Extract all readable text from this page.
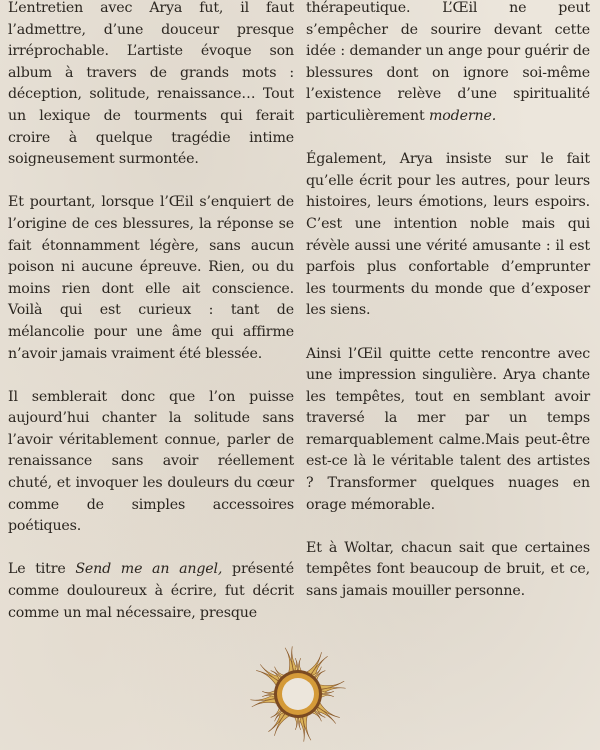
L’entretien avec Arya fut, il faut l’admettre, d’une douceur presque irréprochable. L’artiste évoque son album à travers de grands mots : déception, solitude, renaissance… Tout un lexique de tourments qui ferait croire à quelque tragédie intime soigneusement surmontée.

Et pourtant, lorsque l’Œil s’enquiert de l’origine de ces blessures, la réponse se fait étonnamment légère, sans aucun poison ni aucune épreuve. Rien, ou du moins rien dont elle ait conscience. Voilà qui est curieux : tant de mélancolie pour une âme qui affirme n’avoir jamais vraiment été blessée.

Il semblerait donc que l’on puisse aujourd’hui chanter la solitude sans l’avoir véritablement connue, parler de renaissance sans avoir réellement chuté, et invoquer les douleurs du cœur comme de simples accessoires poétiques.

Le titre Send me an angel, présenté comme douloureux à écrire, fut décrit comme un mal nécessaire, presque

thérapeutique. L’Œil ne peut s’empêcher de sourire devant cette idée : demander un ange pour guérir de blessures dont on ignore soi-même l’existence relève d’une spiritualité particulièrement moderne.

Également, Arya insiste sur le fait qu’elle écrit pour les autres, pour leurs histoires, leurs émotions, leurs espoirs. C’est une intention noble mais qui révèle aussi une vérité amusante : il est parfois plus confortable d’emprunter les tourments du monde que d’exposer les siens.

Ainsi l’Œil quitte cette rencontre avec une impression singulière. Arya chante les tempêtes, tout en semblant avoir traversé la mer par un temps remarquablement calme.Mais peut-être est-ce là le véritable talent des artistes ? Transformer quelques nuages en orage mémorable.

Et à Woltar, chacun sait que certaines tempêtes font beaucoup de bruit, et ce, sans jamais mouiller personne.
